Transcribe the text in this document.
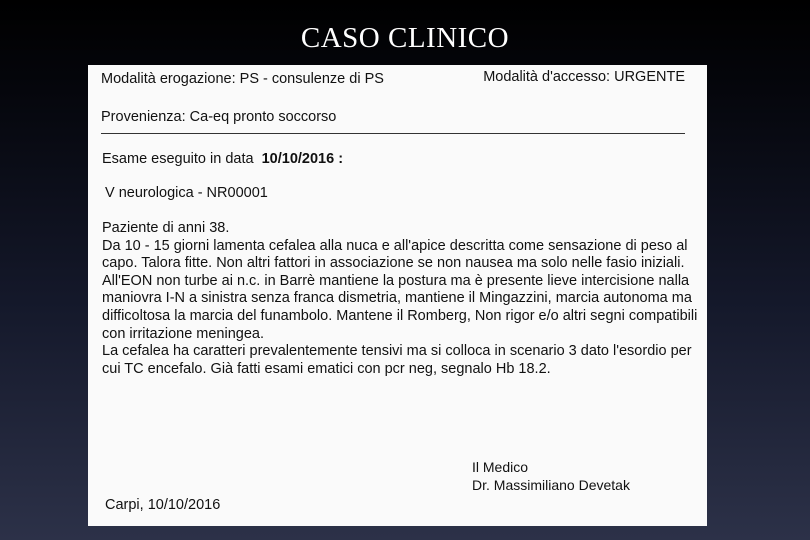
CASO CLINICO
Modalità erogazione: PS - consulenze di PS	Modalità d'accesso: URGENTE
Provenienza: Ca-eq pronto soccorso
Esame eseguito in data 10/10/2016 :
V neurologica - NR00001

Paziente di anni 38.

Da 10 - 15 giorni lamenta cefalea alla nuca e all'apice descritta come sensazione di peso al capo. Talora fitte. Non altri fattori in associazione se non nausea ma solo nelle fasio iniziali.

All'EON non turbe ai n.c. in Barrè mantiene la postura ma è presente lieve intercisione nalla maniovra I-N a sinistra senza franca dismetria, mantiene il Mingazzini, marcia autonoma ma difficoltosa la marcia del funambolo. Mantene il Romberg, Non rigor e/o altri segni compatibili con irritazione meningea.

La cefalea ha caratteri prevalentemente tensivi ma si colloca in scenario 3 dato l'esordio per cui TC encefalo. Già fatti esami ematici con pcr neg, segnalo Hb 18.2.

Il Medico
Dr. Massimiliano Devetak
Carpi, 10/10/2016
